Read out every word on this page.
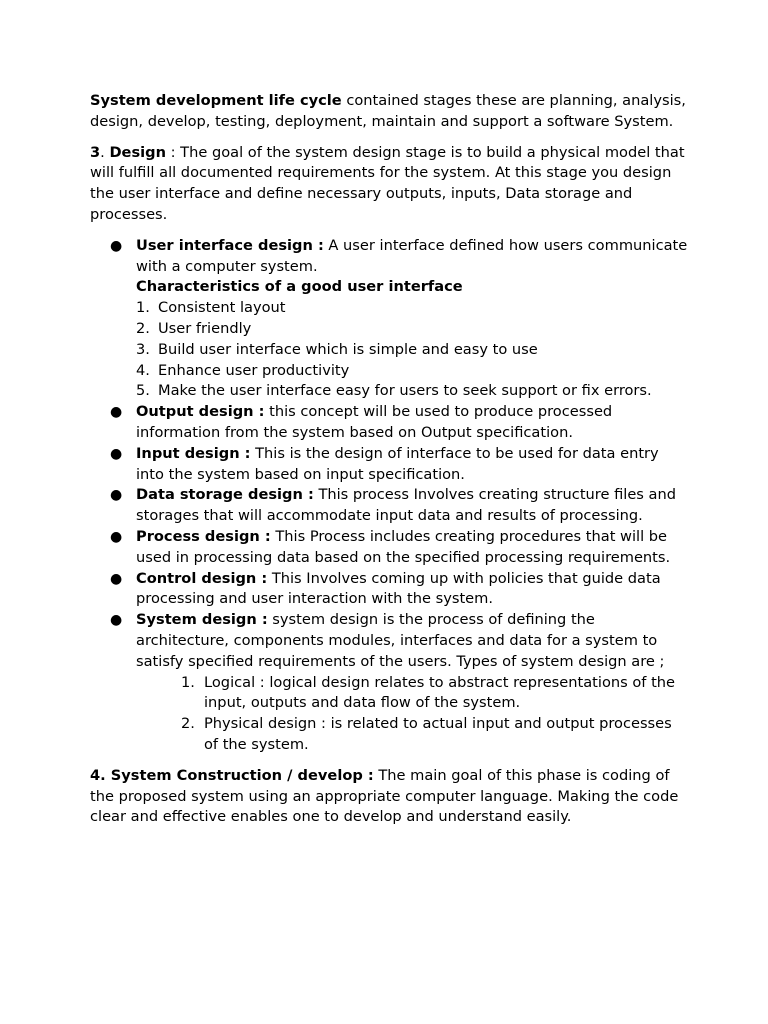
System development life cycle contained stages these are planning, analysis, design, develop, testing, deployment, maintain and support a software System.

3. Design : The goal of the system design stage is to build a physical model that will fulfill all documented requirements for the system. At this stage you design the user interface and define necessary outputs, inputs, Data storage and processes.

● User interface design : A user interface defined how users communicate with a computer system.

Characteristics of a good user interface

1. Consistent layout
2. User friendly
3. Build user interface which is simple and easy to use
4. Enhance user productivity
5. Make the user interface easy for users to seek support or fix errors.
● Output design : this concept will be used to produce processed information from the system based on Output specification.
● Input design : This is the design of interface to be used for data entry into the system based on input specification.
● Data storage design : This process Involves creating structure files and storages that will accommodate input data and results of processing.
● Process design : This Process includes creating procedures that will be used in processing data based on the specified processing requirements.
● Control design : This Involves coming up with policies that guide data processing and user interaction with the system.
● System design : system design is the process of defining the architecture, components modules, interfaces and data for a system to satisfy specified requirements of the users. Types of system design are ;
1. Logical : logical design relates to abstract representations of the input, outputs and data flow of the system.
2. Physical design : is related to actual input and output processes of the system.

4. System Construction / develop : The main goal of this phase is coding of the proposed system using an appropriate computer language. Making the code clear and effective enables one to develop and understand easily.
